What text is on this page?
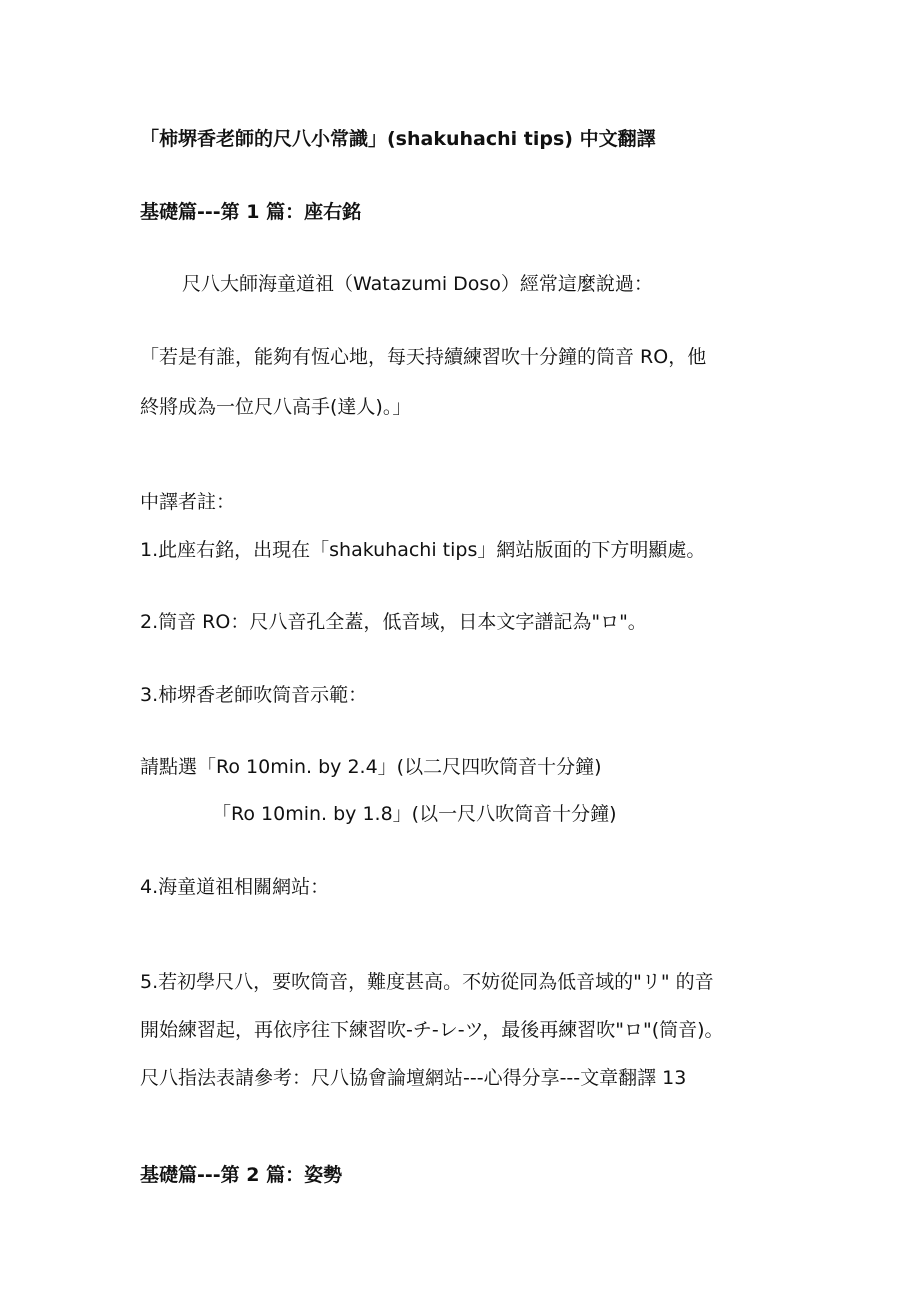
「柿堺香老師的尺八小常識」(shakuhachi tips) 中文翻譯
基礎篇---第 1 篇：座右銘
尺八大師海童道祖（Watazumi Doso）經常這麼說過：
「若是有誰，能夠有恆心地，每天持續練習吹十分鐘的筒音 RO，他
終將成為一位尺八高手(達人)。」
中譯者註：
1.此座右銘，出現在「shakuhachi tips」網站版面的下方明顯處。
2.筒音 RO：尺八音孔全蓋，低音域，日本文字譜記為"ロ"。
3.柿堺香老師吹筒音示範：
請點選「Ro 10min. by 2.4」(以二尺四吹筒音十分鐘)
「Ro 10min. by 1.8」(以一尺八吹筒音十分鐘)
4.海童道祖相關網站：
5.若初學尺八，要吹筒音，難度甚高。不妨從同為低音域的"リ" 的音
開始練習起，再依序往下練習吹-チ-レ-ツ，最後再練習吹"ロ"(筒音)。
尺八指法表請參考：尺八協會論壇網站---心得分享---文章翻譯 13
基礎篇---第 2 篇：姿勢
